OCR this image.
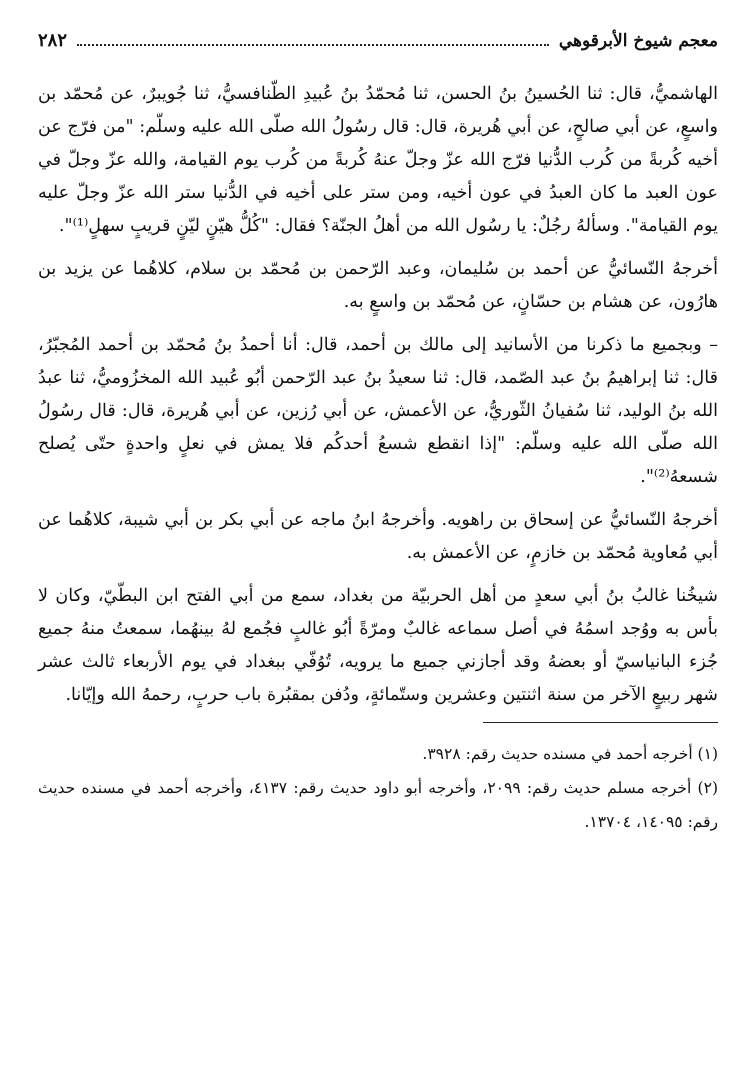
معجم شيوخ الأبرقوهي
٢٨٢

الهاشميُّ، قال: ثنا الحُسينُ بنُ الحسن، ثنا مُحمّدُ بنُ عُبيدِ الطّنافسيُّ، ثنا جُويبرٌ، عن مُحمّد بن واسعٍ، عن أبي صالحٍ، عن أبي هُريرة، قال: قال رسُولُ الله صلّى الله عليه وسلّم: "من فرّج عن أخيه كُربةً من كُرب الدُّنيا فرّج الله عزّ وجلّ عنهُ كُربةً من كُرب يوم القيامة، والله عزّ وجلّ في عون العبد ما كان العبدُ في عون أخيه، ومن ستر على أخيه في الدُّنيا ستر الله عزّ وجلّ عليه يوم القيامة". وسألهُ رجُلٌ: يا رسُول الله من أهلُ الجنّة؟ فقال: "كُلُّ هيّنٍ ليّنٍ قريبٍ سهلٍ⁽¹⁾".

أخرجهُ النّسائيُّ عن أحمد بن سُليمان، وعبد الرّحمن بن مُحمّد بن سلام، كلاهُما عن يزيد بن هارُون، عن هشام بن حسّانٍ، عن مُحمّد بن واسعٍ به.

– وبجميع ما ذكرنا من الأسانيد إلى مالك بن أحمد، قال: أنا أحمدُ بنُ مُحمّد بن أحمد المُجبّرُ، قال: ثنا إبراهيمُ بنُ عبد الصّمد، قال: ثنا سعيدُ بنُ عبد الرّحمن أبُو عُبيد الله المخزُوميُّ، ثنا عبدُ الله بنُ الوليد، ثنا سُفيانُ الثّوريُّ، عن الأعمش، عن أبي رُزين، عن أبي هُريرة، قال: قال رسُولُ الله صلّى الله عليه وسلّم: "إذا انقطع شسعُ أحدكُم فلا يمش في نعلٍ واحدةٍ حتّى يُصلح شسعهُ⁽²⁾".

أخرجهُ النّسائيُّ عن إسحاق بن راهويه. وأخرجهُ ابنُ ماجه عن أبي بكر بن أبي شيبة، كلاهُما عن أبي مُعاوية مُحمّد بن خازمٍ، عن الأعمش به.

شيخُنا غالبُ بنُ أبي سعدٍ من أهل الحربيّة من بغداد، سمع من أبي الفتح ابن البطّيّ، وكان لا بأس به ووُجد اسمُهُ في أصل سماعه غالبٌ ومرّةً أبُو غالبٍ فجُمع لهُ بينهُما، سمعتُ منهُ جميع جُزء البانياسيّ أو بعضهُ وقد أجازني جميع ما يرويه، تُوُفّي ببغداد في يوم الأربعاء ثالث عشر شهر ربيعٍ الآخر من سنة اثنتين وعشرين وستّمائةٍ، ودُفن بمقبُرة باب حربٍ، رحمهُ الله وإيّانا.

(١) أخرجه أحمد في مسنده حديث رقم: ٣٩٢٨.

(٢) أخرجه مسلم حديث رقم: ٢٠٩٩، وأخرجه أبو داود حديث رقم: ٤١٣٧، وأخرجه أحمد في مسنده حديث رقم: ١٤٠٩٥، ١٣٧٠٤.
